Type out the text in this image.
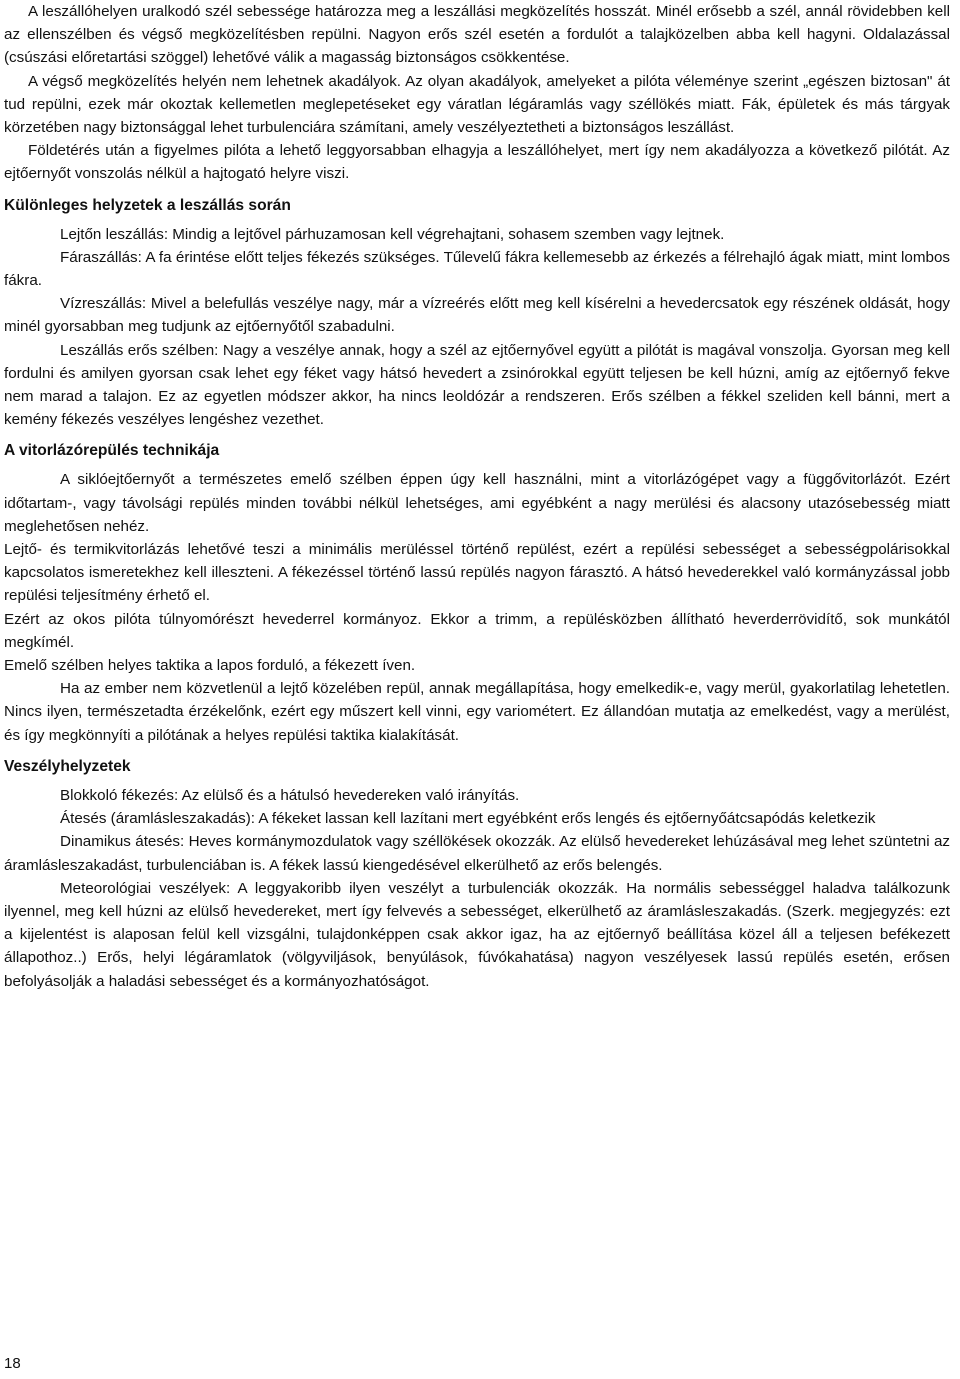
A leszállóhelyen uralkodó szél sebessége határozza meg a leszállási megközelítés hosszát. Minél erősebb a szél, annál rövidebben kell az ellenszélben és végső megközelítésben repülni. Nagyon erős szél esetén a fordulót a talajközelben abba kell hagyni. Oldalazással (csúszási előretartási szöggel) lehetővé válik a magasság biztonságos csökkentése.

A végső megközelítés helyén nem lehetnek akadályok. Az olyan akadályok, amelyeket a pilóta véleménye szerint „egészen biztosan" át tud repülni, ezek már okoztak kellemetlen meglepetéseket egy váratlan légáramlás vagy széllökés miatt. Fák, épületek és más tárgyak körzetében nagy biztonsággal lehet turbulenciára számítani, amely veszélyeztetheti a biztonságos leszállást.

Földetérés után a figyelmes pilóta a lehető leggyorsabban elhagyja a leszállóhelyet, mert így nem akadályozza a következő pilótát. Az ejtőernyőt vonszolás nélkül a hajtogató helyre viszi.

Különleges helyzetek a leszállás során

Lejtőn leszállás: Mindig a lejtővel párhuzamosan kell végrehajtani, sohasem szemben vagy lejtnek.

Fáraszállás: A fa érintése előtt teljes fékezés szükséges. Tűlevelű fákra kellemesebb az érkezés a félrehajló ágak miatt, mint lombos fákra.

Vízreszállás: Mivel a belefullás veszélye nagy, már a vízreérés előtt meg kell kísérelni a hevedercsatok egy részének oldását, hogy minél gyorsabban meg tudjunk az ejtőernyőtől szabadulni.

Leszállás erős szélben: Nagy a veszélye annak, hogy a szél az ejtőernyővel együtt a pilótát is magával vonszolja. Gyorsan meg kell fordulni és amilyen gyorsan csak lehet egy féket vagy hátsó hevedert a zsinórokkal együtt teljesen be kell húzni, amíg az ejtőernyő fekve nem marad a talajon. Ez az egyetlen módszer akkor, ha nincs leoldózár a rendszeren. Erős szélben a fékkel szeliden kell bánni, mert a kemény fékezés veszélyes lengéshez vezethet.

A vitorlázórepülés technikája

A siklóejtőernyőt a természetes emelő szélben éppen úgy kell használni, mint a vitorlázógépet vagy a függővitorlázót. Ezért időtartam-, vagy távolsági repülés minden további nélkül lehetséges, ami egyébként a nagy merülési és alacsony utazósebesség miatt meglehetősen nehéz.

Lejtő- és termikvitorlázás lehetővé teszi a minimális merüléssel történő repülést, ezért a repülési sebességet a sebességpolárisokkal kapcsolatos ismeretekhez kell illeszteni. A fékezéssel történő lassú repülés nagyon fárasztó. A hátsó hevederekkel való kormányzással jobb repülési teljesítmény érhető el.

Ezért az okos pilóta túlnyomórészt hevederrel kormányoz. Ekkor a trimm, a repülésközben állítható heverderrövidítő, sok munkától megkímél.

Emelő szélben helyes taktika a lapos forduló, a fékezett íven.

Ha az ember nem közvetlenül a lejtő közelében repül, annak megállapítása, hogy emelkedik-e, vagy merül, gyakorlatilag lehetetlen. Nincs ilyen, természetadta érzékelőnk, ezért egy műszert kell vinni, egy variométert. Ez állandóan mutatja az emelkedést, vagy a merülést, és így megkönnyíti a pilótának a helyes repülési taktika kialakítását.

Veszélyhelyzetek

Blokkoló fékezés: Az elülső és a hátulsó hevedereken való irányítás.

Átesés (áramlásleszakadás): A fékeket lassan kell lazítani mert egyébként erős lengés és ejtőernyőátcsapódás keletkezik

Dinamikus átesés: Heves kormánymozdulatok vagy széllökések okozzák. Az elülső hevedereket lehúzásával meg lehet szüntetni az áramlásleszakadást, turbulenciában is. A fékek lassú kiengedésével elkerülhető az erős belengés.

Meteorológiai veszélyek: A leggyakoribb ilyen veszélyt a turbulenciák okozzák. Ha normális sebességgel haladva találkozunk ilyennel, meg kell húzni az elülső hevedereket, mert így felvevés a sebességet, elkerülhető az áramlásleszakadás. (Szerk. megjegyzés: ezt a kijelentést is alaposan felül kell vizsgálni, tulajdonképpen csak akkor igaz, ha az ejtőernyő beállítása közel áll a teljesen befékezett állapothoz..) Erős, helyi légáramlatok (völgyviljások, benyúlások, fúvókahatása) nagyon veszélyesek lassú repülés esetén, erősen befolyásolják a haladási sebességet és a kormányozhatóságot.

18
